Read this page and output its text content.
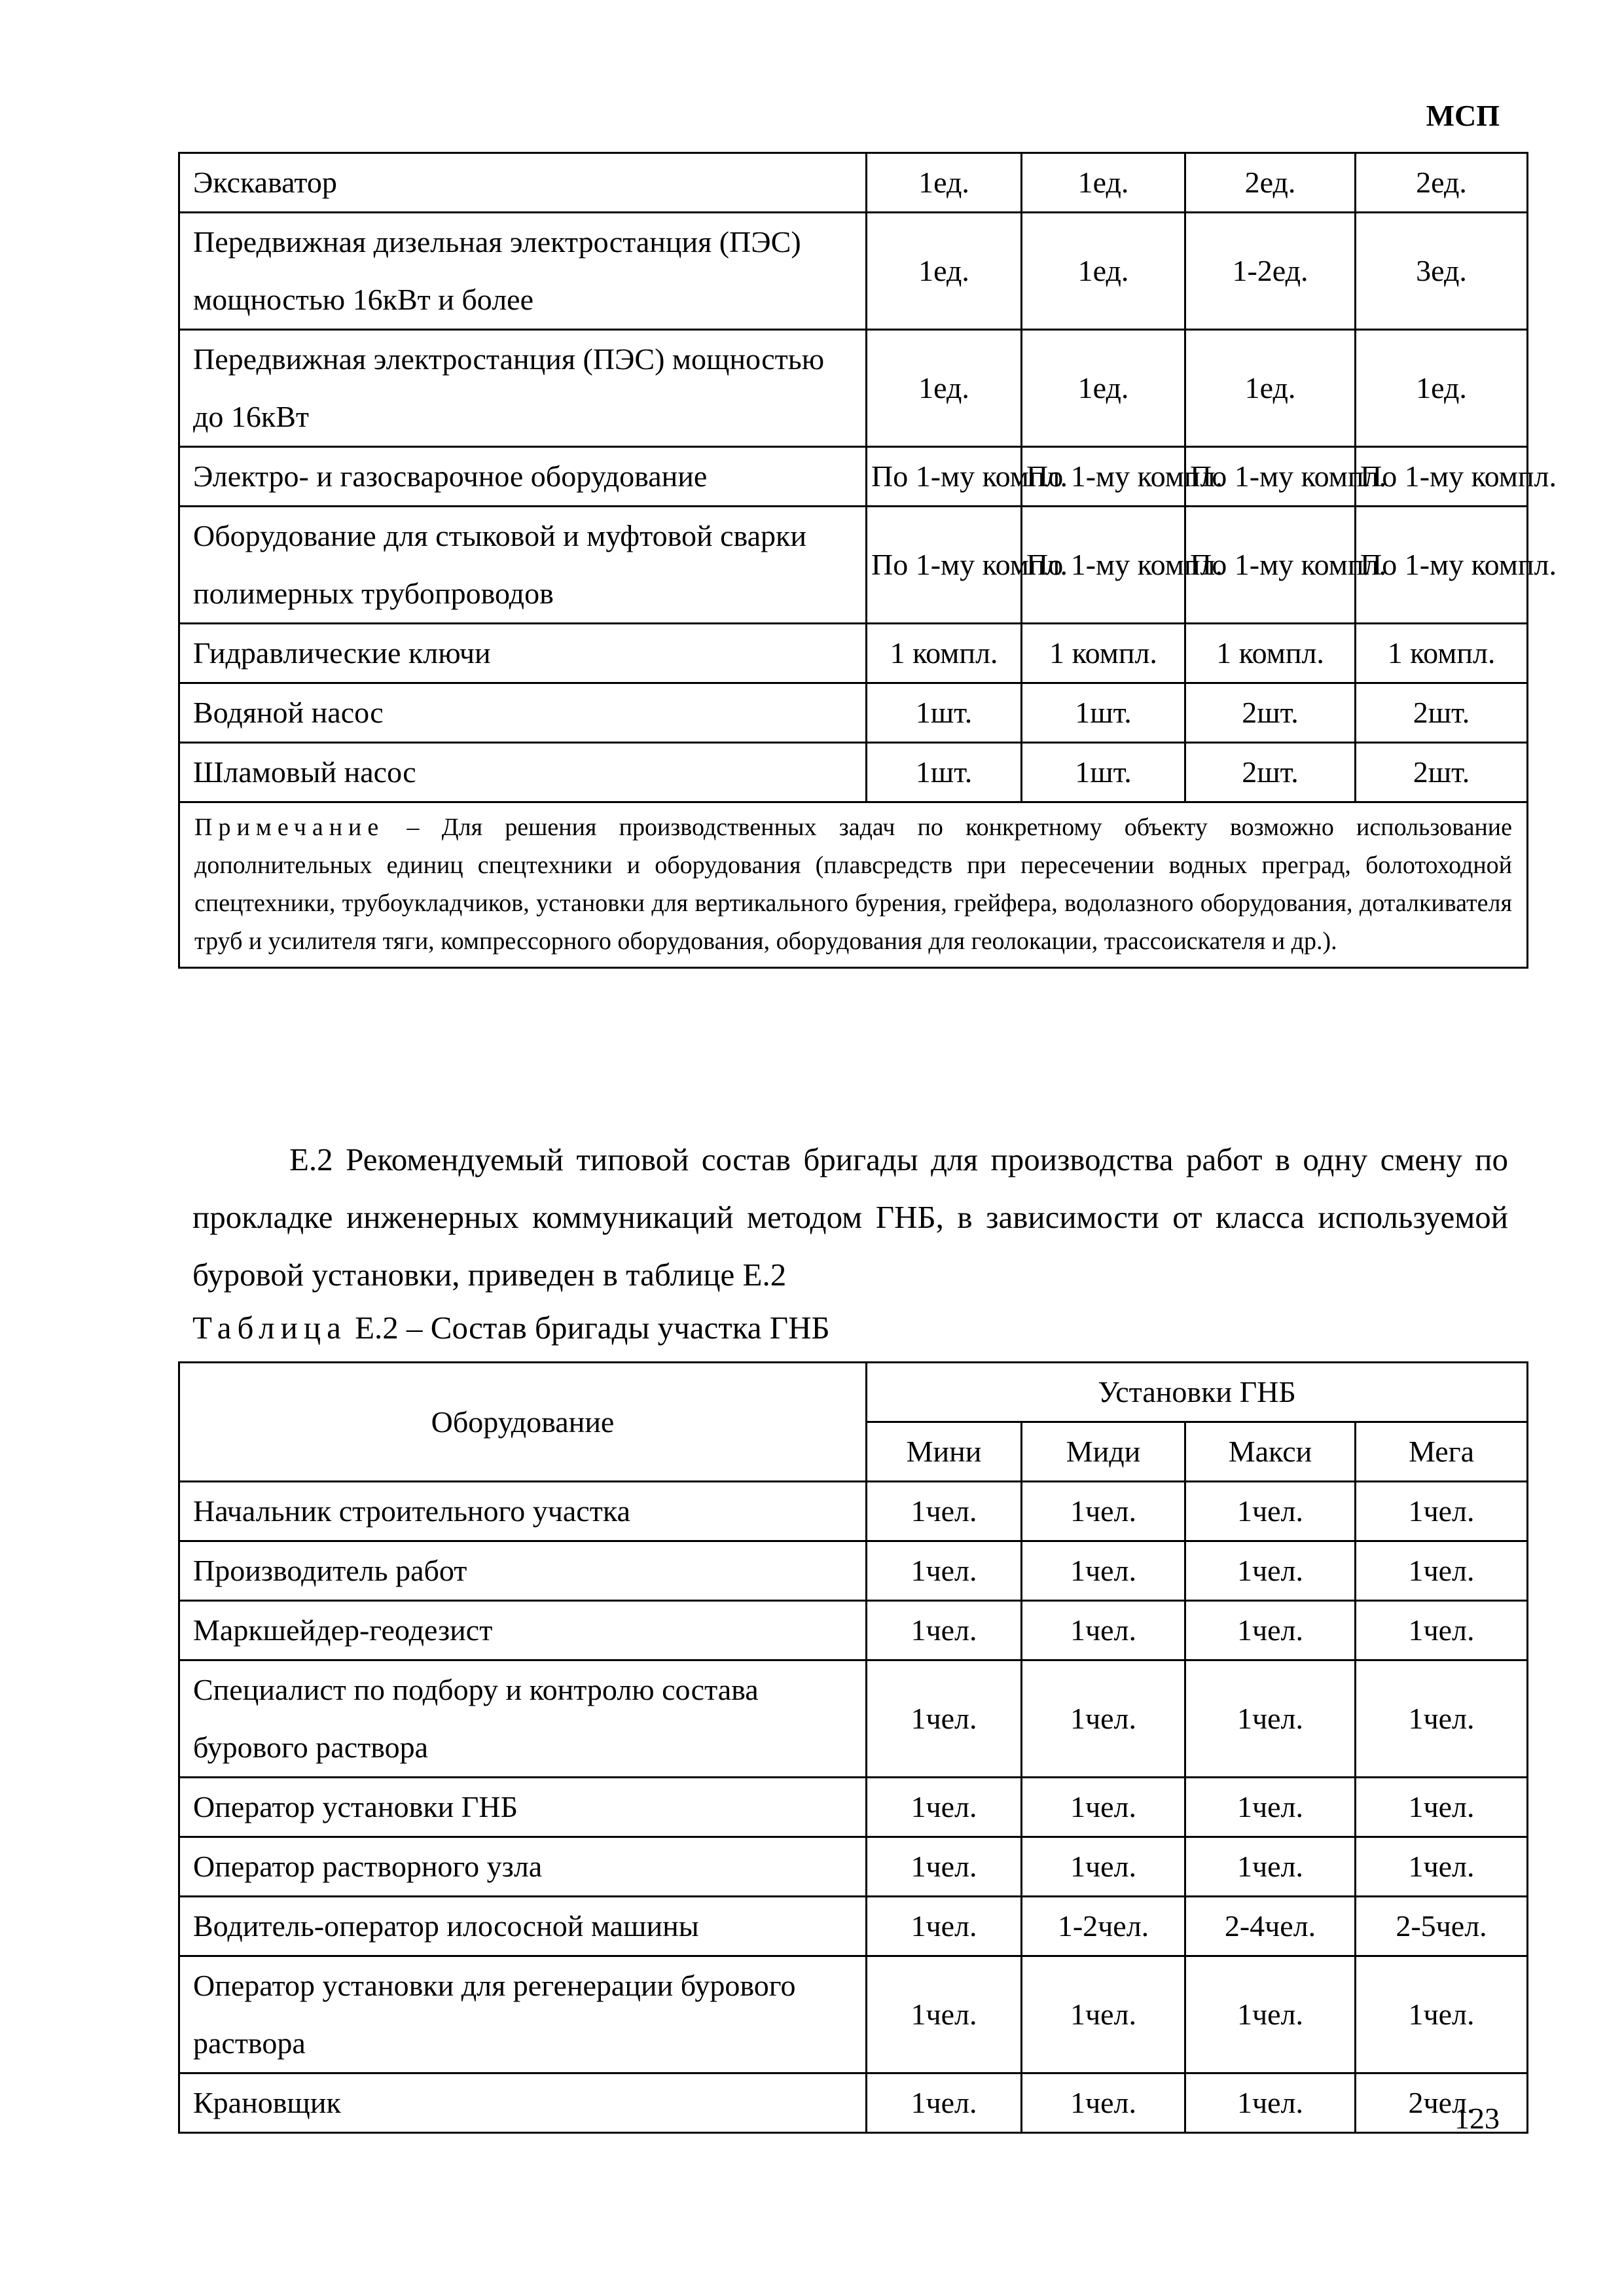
МСП
Экскаватор	1ед.	1ед.	2ед.	2ед.
Передвижная дизельная электростанция (ПЭС) мощностью 16кВт и более	1ед.	1ед.	1-2ед.	3ед.
Передвижная электростанция (ПЭС) мощностью до 16кВт	1ед.	1ед.	1ед.	1ед.
Электро- и газосварочное оборудование	По 1-му компл.	По 1-му компл.	По 1-му компл.	По 1-му компл.
Оборудование для стыковой и муфтовой сварки полимерных трубопроводов	По 1-му компл.	По 1-му компл.	По 1-му компл.	По 1-му компл.
Гидравлические ключи	1 компл.	1 компл.	1 компл.	1 компл.
Водяной насос	1шт.	1шт.	2шт.	2шт.
Шламовый насос	1шт.	1шт.	2шт.	2шт.
Примечание – Для решения производственных задач по конкретному объекту возможно использование дополнительных единиц спецтехники и оборудования (плавсредств при пересечении водных преград, болотоходной спецтехники, трубоукладчиков, установки для вертикального бурения, грейфера, водолазного оборудования, доталкивателя труб и усилителя тяги, компрессорного оборудования, оборудования для геолокации, трассоискателя и др.).				

Е.2 Рекомендуемый типовой состав бригады для производства работ в одну смену по прокладке инженерных коммуникаций методом ГНБ, в зависимости от класса используемой буровой установки, приведен в таблице Е.2

Таблица Е.2 – Состав бригады участка ГНБ
Оборудование	Установки ГНБ			
	Мини	Миди	Макси	Мега
Начальник строительного участка	1чел.	1чел.	1чел.	1чел.
Производитель работ	1чел.	1чел.	1чел.	1чел.
Маркшейдер-геодезист	1чел.	1чел.	1чел.	1чел.
Специалист по подбору и контролю состава бурового раствора	1чел.	1чел.	1чел.	1чел.
Оператор установки ГНБ	1чел.	1чел.	1чел.	1чел.
Оператор растворного узла	1чел.	1чел.	1чел.	1чел.
Водитель-оператор илососной машины	1чел.	1-2чел.	2-4чел.	2-5чел.
Оператор установки для регенерации бурового раствора	1чел.	1чел.	1чел.	1чел.
Крановщик	1чел.	1чел.	1чел.	2чел.
123
